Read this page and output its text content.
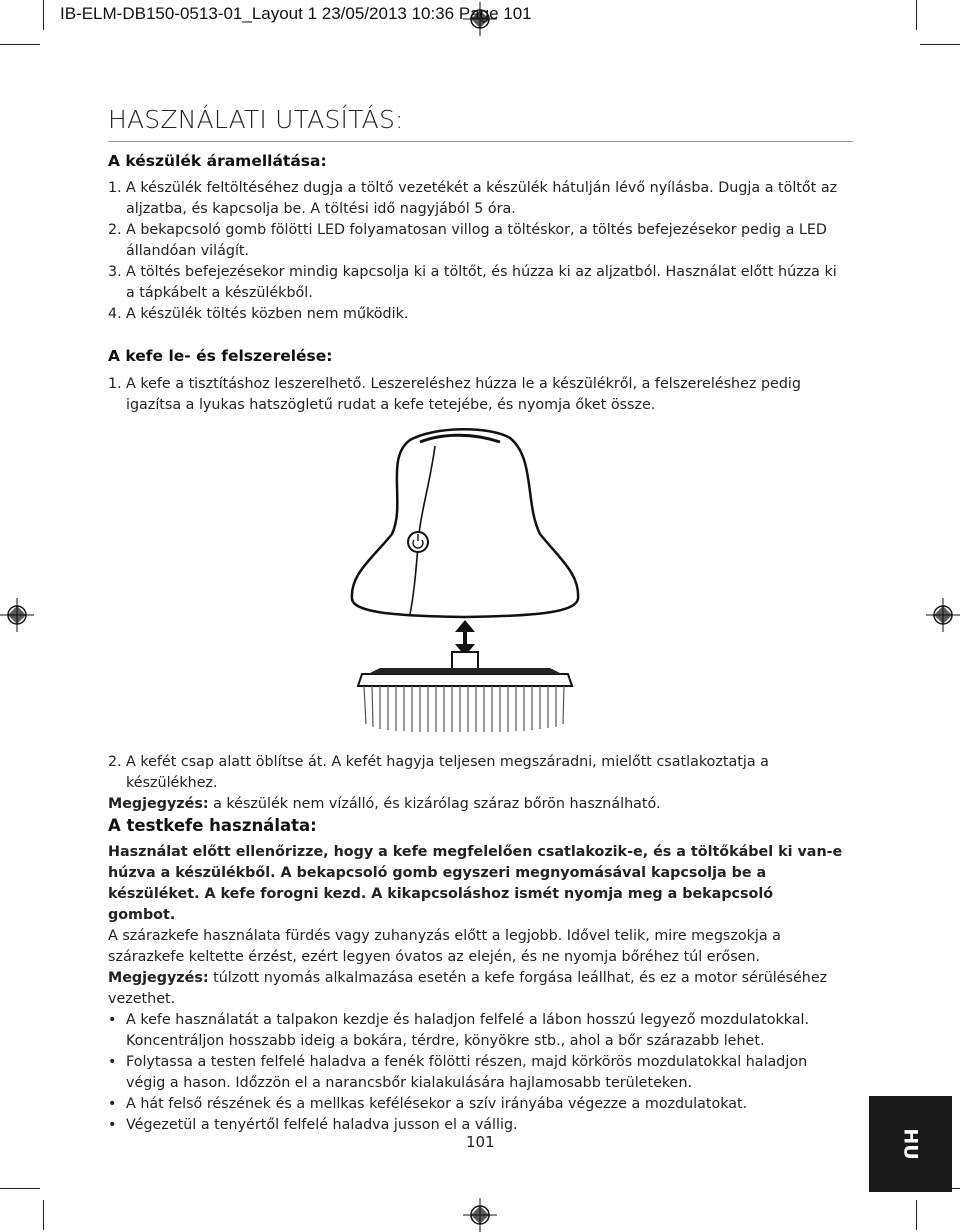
IB-ELM-DB150-0513-01_Layout 1 23/05/2013 10:36 Page 101
HASZNÁLATI UTASÍTÁS:
A készülék áramellátása:

1. A készülék feltöltéséhez dugja a töltő vezetékét a készülék hátulján lévő nyílásba. Dugja a töltőt az aljzatba, és kapcsolja be. A töltési idő nagyjából 5 óra.

2. A bekapcsoló gomb fölötti LED folyamatosan villog a töltéskor, a töltés befejezésekor pedig a LED állandóan világít.

3. A töltés befejezésekor mindig kapcsolja ki a töltőt, és húzza ki az aljzatból. Használat előtt húzza ki a tápkábelt a készülékből.

4. A készülék töltés közben nem működik.

A kefe le- és felszerelése:

1. A kefe a tisztításhoz leszerelhető. Leszereléshez húzza le a készülékről, a felszereléshez pedig igazítsa a lyukas hatszögletű rudat a kefe tetejébe, és nyomja őket össze.

2. A kefét csap alatt öblítse át. A kefét hagyja teljesen megszáradni, mielőtt csatlakoztatja a készülékhez.

Megjegyzés: a készülék nem vízálló, és kizárólag száraz bőrön használható.

A testkefe használata:

Használat előtt ellenőrizze, hogy a kefe megfelelően csatlakozik-e, és a töltőkábel ki van-e húzva a készülékből. A bekapcsoló gomb egyszeri megnyomásával kapcsolja be a készüléket. A kefe forogni kezd. A kikapcsoláshoz ismét nyomja meg a bekapcsoló gombot.

A szárazkefe használata fürdés vagy zuhanyzás előtt a legjobb. Idővel telik, mire megszokja a szárazkefe keltette érzést, ezért legyen óvatos az elején, és ne nyomja bőréhez túl erősen.

Megjegyzés: túlzott nyomás alkalmazása esetén a kefe forgása leállhat, és ez a motor sérüléséhez vezethet.

• A kefe használatát a talpakon kezdje és haladjon felfelé a lábon hosszú legyező mozdulatokkal. Koncentráljon hosszabb ideig a bokára, térdre, könyökre stb., ahol a bőr szárazabb lehet.

• Folytassa a testen felfelé haladva a fenék fölötti részen, majd körkörös mozdulatokkal haladjon végig a hason. Időzzön el a narancsbőr kialakulására hajlamosabb területeken.

• A hát felső részének és a mellkas kefélésekor a szív irányába végezze a mozdulatokat.

• Végezetül a tenyértől felfelé haladva jusson el a vállig.

101	HU
